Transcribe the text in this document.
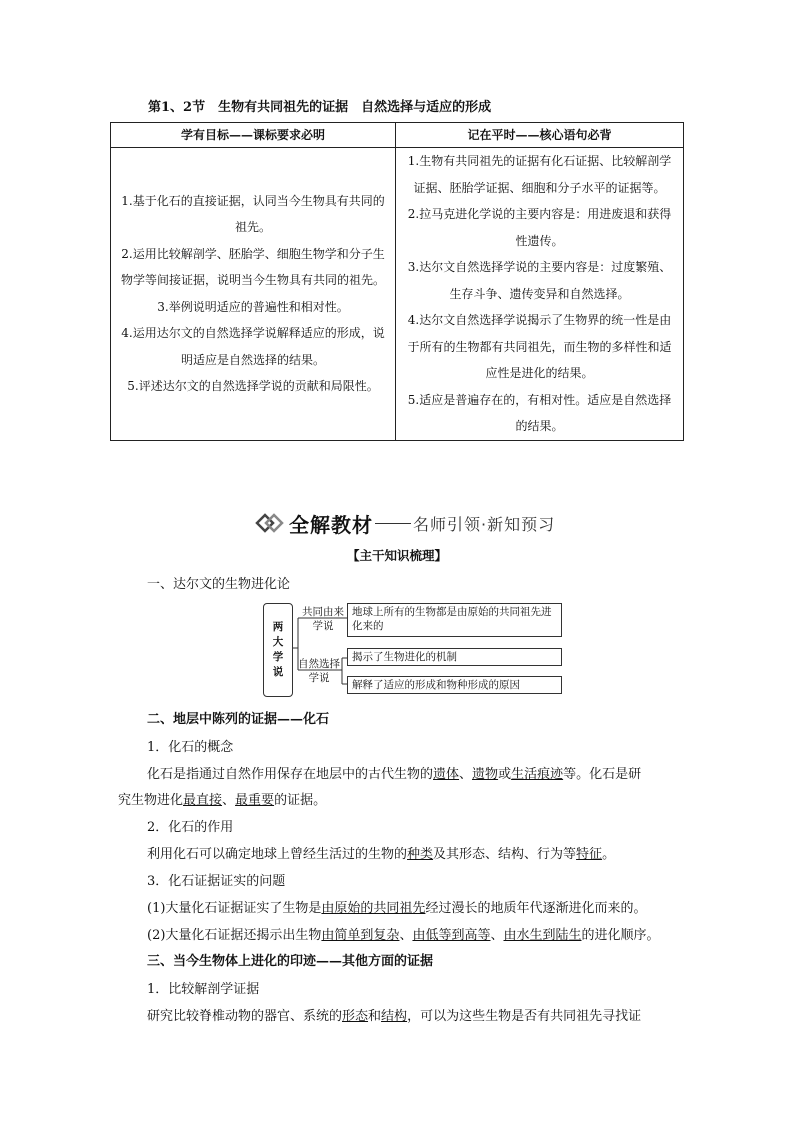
第1、2节　生物有共同祖先的证据　自然选择与适应的形成
学有目标——课标要求必明	记在平时——核心语句必背

1.基于化石的直接证据，认同当今生物具有共同的祖先。
2.运用比较解剖学、胚胎学、细胞生物学和分子生物学等间接证据，说明当今生物具有共同的祖先。
3.举例说明适应的普遍性和相对性。
4.运用达尔文的自然选择学说解释适应的形成，说明适应是自然选择的结果。
5.评述达尔文的自然选择学说的贡献和局限性。	1.生物有共同祖先的证据有化石证据、比较解剖学证据、胚胎学证据、细胞和分子水平的证据等。
2.拉马克进化学说的主要内容是：用进废退和获得性遗传。
3.达尔文自然选择学说的主要内容是：过度繁殖、生存斗争、遗传变异和自然选择。
4.达尔文自然选择学说揭示了生物界的统一性是由于所有的生物都有共同祖先，而生物的多样性和适应性是进化的结果。
5.适应是普遍存在的，有相对性。适应是自然选择的结果。
全解教材	名师引领·新知预习
【主干知识梳理】
一、达尔文的生物进化论
两大学说
共同由来学说
地球上所有的生物都是由原始的共同祖先进化来的
自然选择学说
揭示了生物进化的机制
解释了适应的形成和物种形成的原因
二、地层中陈列的证据——化石
1．化石的概念
化石是指通过自然作用保存在地层中的古代生物的遗体、遗物或生活痕迹等。化石是研
究生物进化最直接、最重要的证据。
2．化石的作用
利用化石可以确定地球上曾经生活过的生物的种类及其形态、结构、行为等特征。
3．化石证据证实的问题
(1)大量化石证据证实了生物是由原始的共同祖先经过漫长的地质年代逐渐进化而来的。
(2)大量化石证据还揭示出生物由简单到复杂、由低等到高等、由水生到陆生的进化顺序。
三、当今生物体上进化的印迹——其他方面的证据
1．比较解剖学证据
研究比较脊椎动物的器官、系统的形态和结构，可以为这些生物是否有共同祖先寻找证
